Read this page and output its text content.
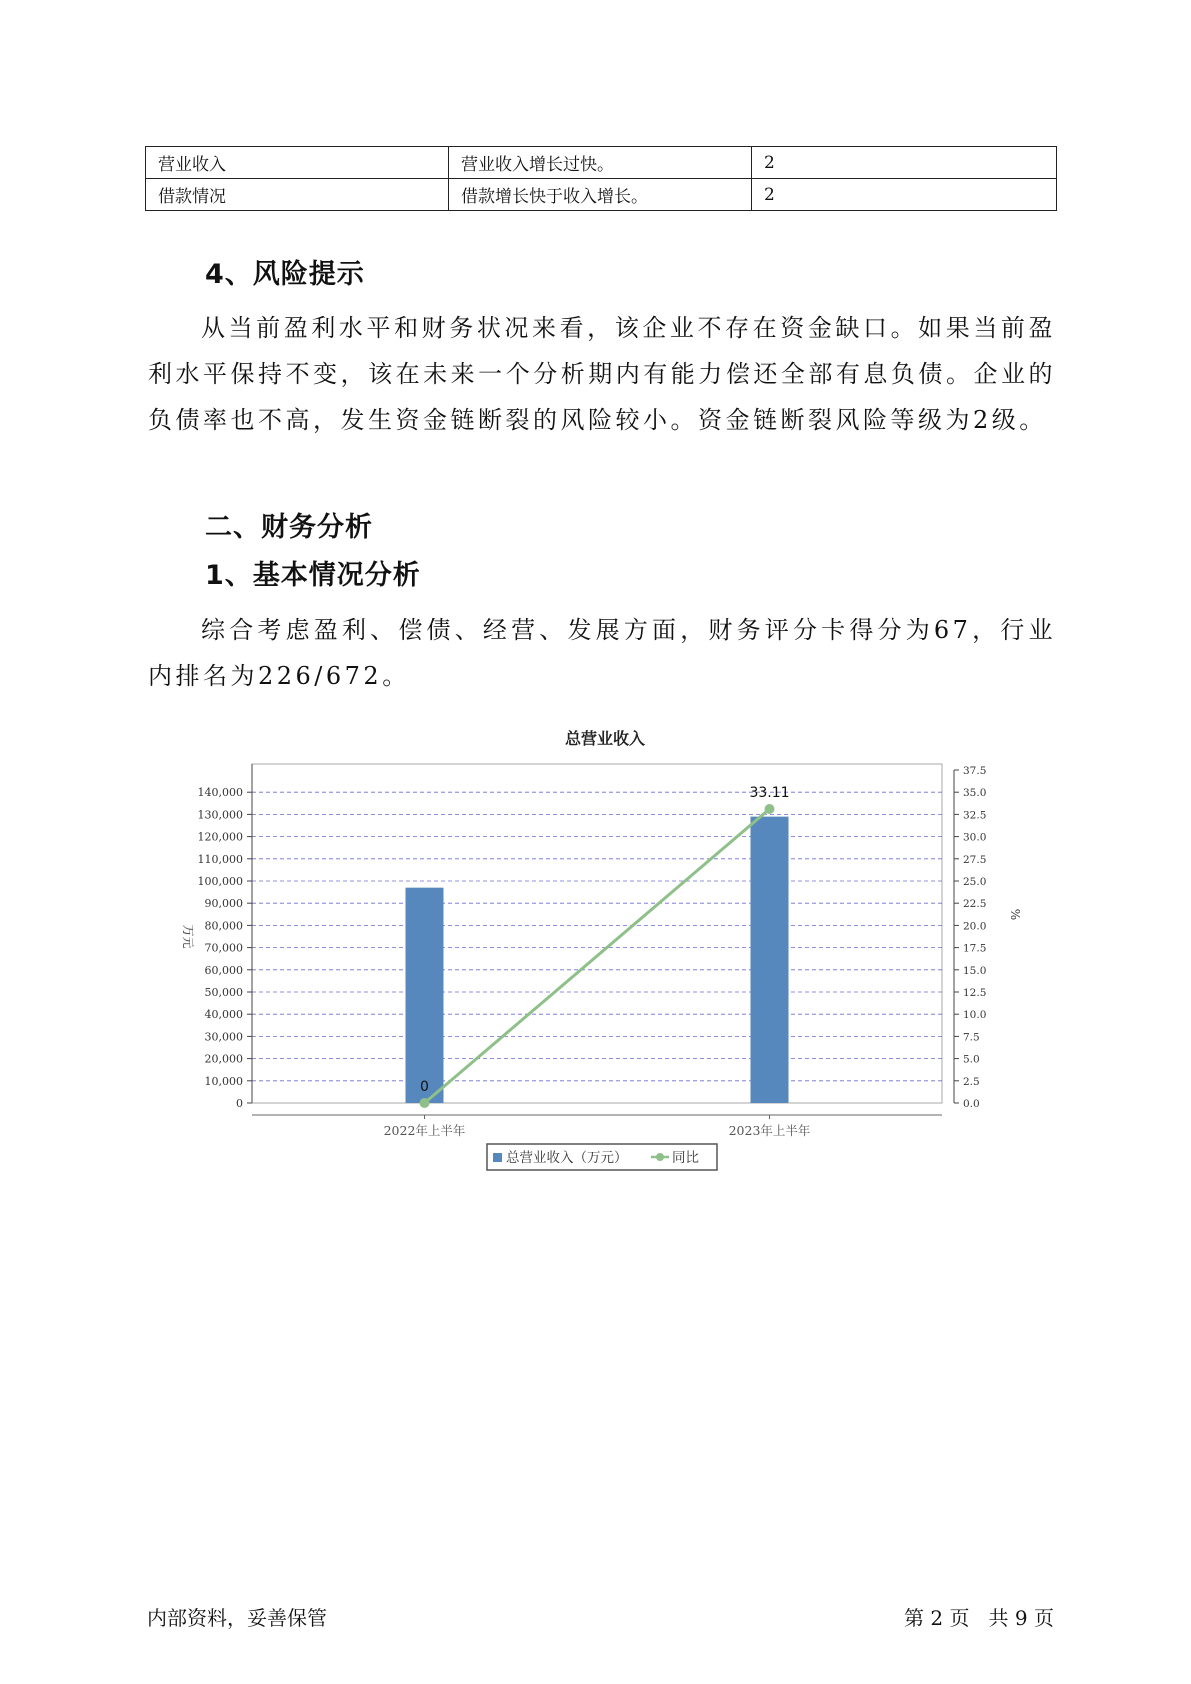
营业收入	营业收入增长过快。	2
借款情况	借款增长快于收入增长。	2
4、风险提示
从当前盈利水平和财务状况来看，该企业不存在资金缺口。如果当前盈利水平保持不变，该在未来一个分析期内有能力偿还全部有息负债。企业的负债率也不高，发生资金链断裂的风险较小。资金链断裂风险等级为2级。
二、财务分析
1、基本情况分析
综合考虑盈利、偿债、经营、发展方面，财务评分卡得分为67，行业内排名为226/672。
总营业收入
0
10,000
20,000
30,000
40,000
50,000
60,000
70,000
80,000
90,000
100,000
110,000
120,000
130,000
140,000
万元
0.0
2.5
5.0
7.5
10.0
12.5
15.0
17.5
20.0
22.5
25.0
27.5
30.0
32.5
35.0
37.5
%
2022年上半年	2023年上半年
0
33.11
总营业收入（万元）	同比
内部资料，妥善保管	第 2 页   共 9 页
